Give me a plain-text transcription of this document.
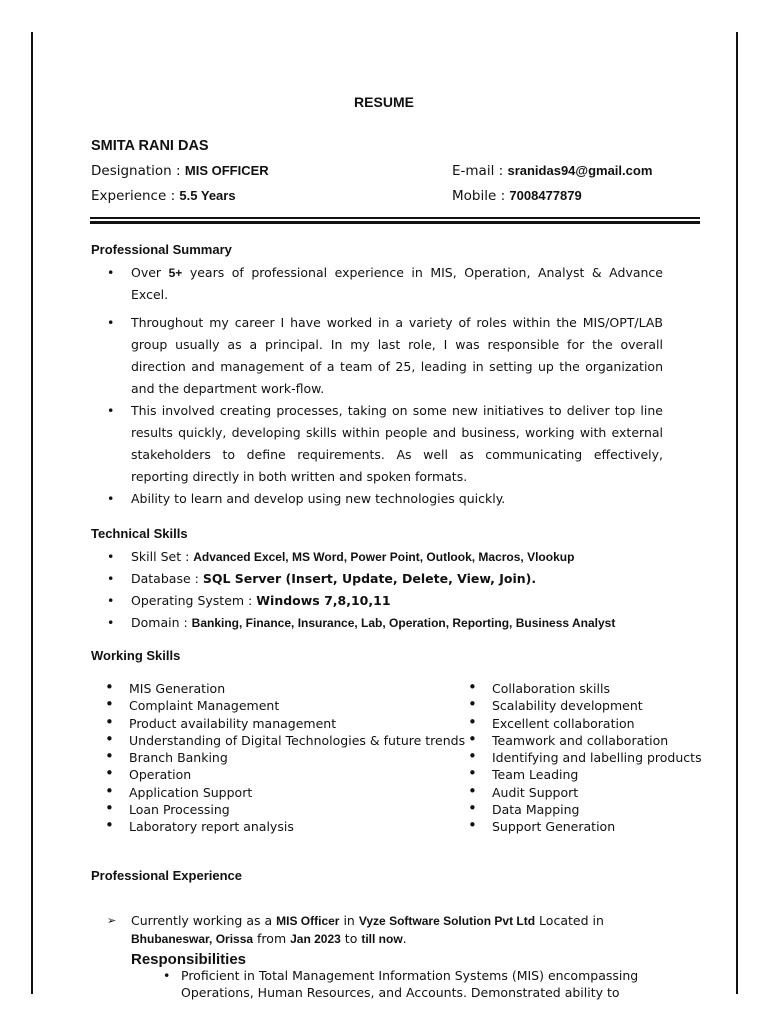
RESUME
SMITA RANI DAS
Designation : MIS OFFICER
Experience : 5.5 Years
E-mail : sranidas94@gmail.com
Mobile : 7008477879
Professional Summary
• Over 5+ years of professional experience in MIS, Operation, Analyst & Advance Excel.
• Throughout my career I have worked in a variety of roles within the MIS/OPT/LAB group usually as a principal. In my last role, I was responsible for the overall direction and management of a team of 25, leading in setting up the organization and the department work-flow.
• This involved creating processes, taking on some new initiatives to deliver top line results quickly, developing skills within people and business, working with external stakeholders to define requirements. As well as communicating effectively, reporting directly in both written and spoken formats.
• Ability to learn and develop using new technologies quickly.
Technical Skills
• Skill Set : Advanced Excel, MS Word, Power Point, Outlook, Macros, Vlookup
• Database : SQL Server (Insert, Update, Delete, View, Join).
• Operating System : Windows 7,8,10,11
• Domain : Banking, Finance, Insurance, Lab, Operation, Reporting, Business Analyst
Working Skills
• MIS Generation
• Complaint Management
• Product availability management
• Understanding of Digital Technologies & future trends
• Branch Banking
• Operation
• Application Support
• Loan Processing
• Laboratory report analysis
• Collaboration skills
• Scalability development
• Excellent collaboration
• Teamwork and collaboration
• Identifying and labelling products
• Team Leading
• Audit Support
• Data Mapping
• Support Generation
Professional Experience
➢	Currently working as a MIS Officer in Vyze Software Solution Pvt Ltd Located in Bhubaneswar, Orissa from Jan 2023 to till now.
Responsibilities
• Proficient in Total Management Information Systems (MIS) encompassing Operations, Human Resources, and Accounts. Demonstrated ability to
